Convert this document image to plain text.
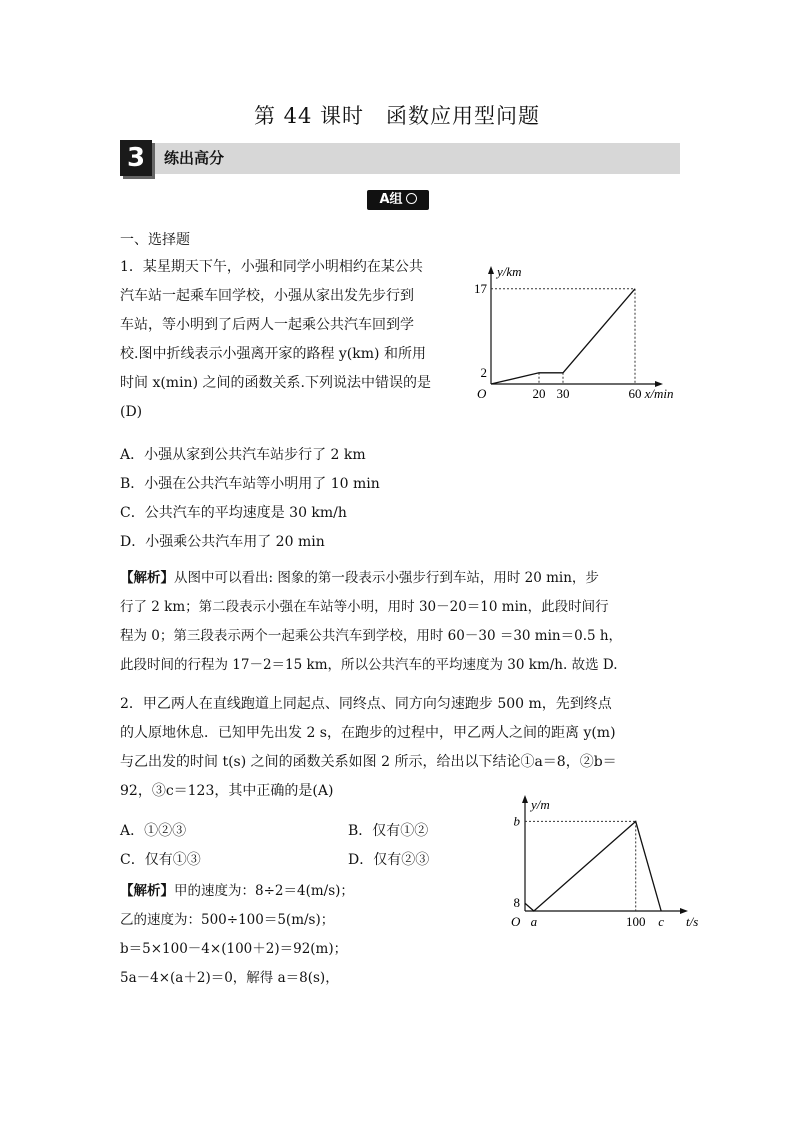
第 44 课时　函数应用型问题
3	练出高分
A组
一、选择题
1．某星期天下午，小强和同学小明相约在某公共
汽车站一起乘车回学校，小强从家出发先步行到
车站，等小明到了后两人一起乘公共汽车回到学
校.图中折线表示小强离开家的路程 y(km) 和所用
时间 x(min) 之间的函数关系.下列说法中错误的是
(D)
A．小强从家到公共汽车站步行了 2 km
B．小强在公共汽车站等小明用了 10 min
C．公共汽车的平均速度是 30 km/h
D．小强乘公共汽车用了 20 min
【解析】从图中可以看出: 图象的第一段表示小强步行到车站，用时 20 min，步
行了 2 km；第二段表示小强在车站等小明，用时 30－20＝10 min，此段时间行
程为 0；第三段表示两个一起乘公共汽车到学校，用时 60－30 ＝30 min＝0.5 h，
此段时间的行程为 17－2＝15 km，所以公共汽车的平均速度为 30 km/h. 故选 D.
2．甲乙两人在直线跑道上同起点、同终点、同方向匀速跑步 500 m，先到终点
的人原地休息．已知甲先出发 2 s，在跑步的过程中，甲乙两人之间的距离 y(m)
与乙出发的时间 t(s) 之间的函数关系如图 2 所示，给出以下结论①a＝8，②b＝
92，③c＝123，其中正确的是(A)
A．①②③	B．仅有①②
C．仅有①③	D．仅有②③
【解析】甲的速度为：8÷2＝4(m/s)；
乙的速度为：500÷100＝5(m/s)；
b＝5×100－4×(100＋2)＝92(m)；
5a－4×(a＋2)＝0，解得 a＝8(s)，
y/km
x/min
O	20 30	60
2
17
y/m
t/s
O a	100 c
8
b
